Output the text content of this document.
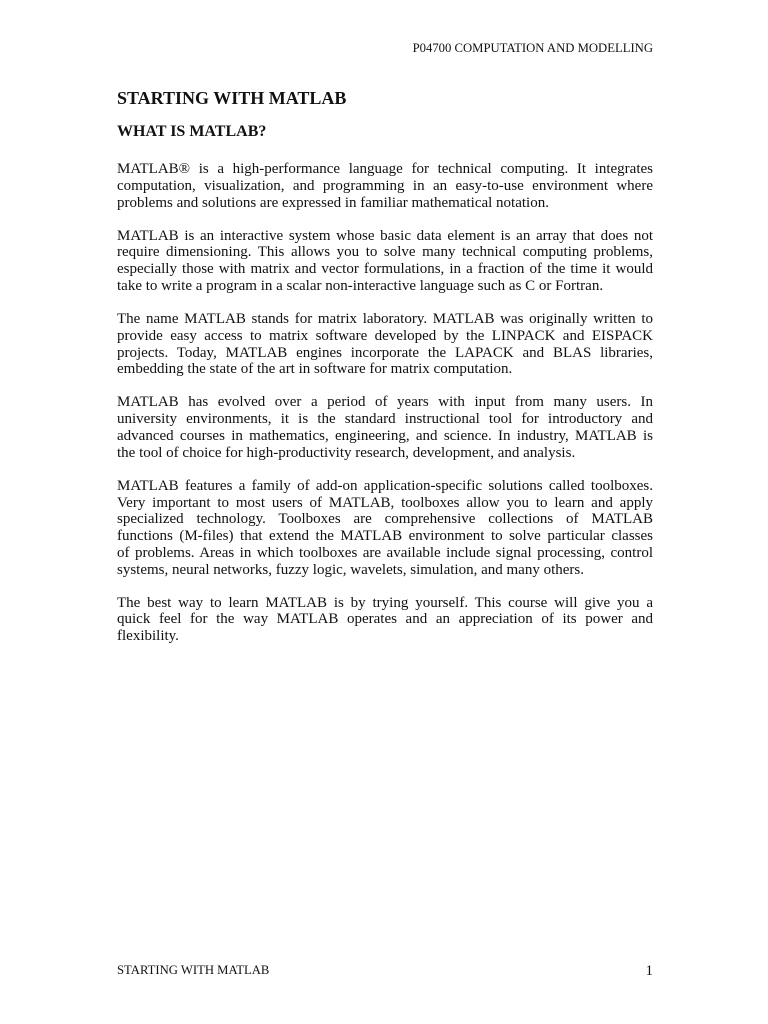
P04700 COMPUTATION AND MODELLING
STARTING WITH MATLAB
WHAT IS MATLAB?
MATLAB® is a high-performance language for technical computing. It integrates
computation, visualization, and programming in an easy-to-use environment where
problems and solutions are expressed in familiar mathematical notation.
MATLAB is an interactive system whose basic data element is an array that does not
require dimensioning. This allows you to solve many technical computing problems,
especially those with matrix and vector formulations, in a fraction of the time it would
take to write a program in a scalar non-interactive language such as C or Fortran.
The name MATLAB stands for matrix laboratory. MATLAB was originally written to
provide easy access to matrix software developed by the LINPACK and EISPACK
projects. Today, MATLAB engines incorporate the LAPACK and BLAS libraries,
embedding the state of the art in software for matrix computation.
MATLAB has evolved over a period of years with input from many users. In
university environments, it is the standard instructional tool for introductory and
advanced courses in mathematics, engineering, and science. In industry, MATLAB is
the tool of choice for high-productivity research, development, and analysis.
MATLAB features a family of add-on application-specific solutions called toolboxes.
Very important to most users of MATLAB, toolboxes allow you to learn and apply
specialized technology. Toolboxes are comprehensive collections of MATLAB
functions (M-files) that extend the MATLAB environment to solve particular classes
of problems. Areas in which toolboxes are available include signal processing, control
systems, neural networks, fuzzy logic, wavelets, simulation, and many others.
The best way to learn MATLAB is by trying yourself. This course will give you a
quick feel for the way MATLAB operates and an appreciation of its power and
flexibility.
STARTING WITH MATLAB	1
